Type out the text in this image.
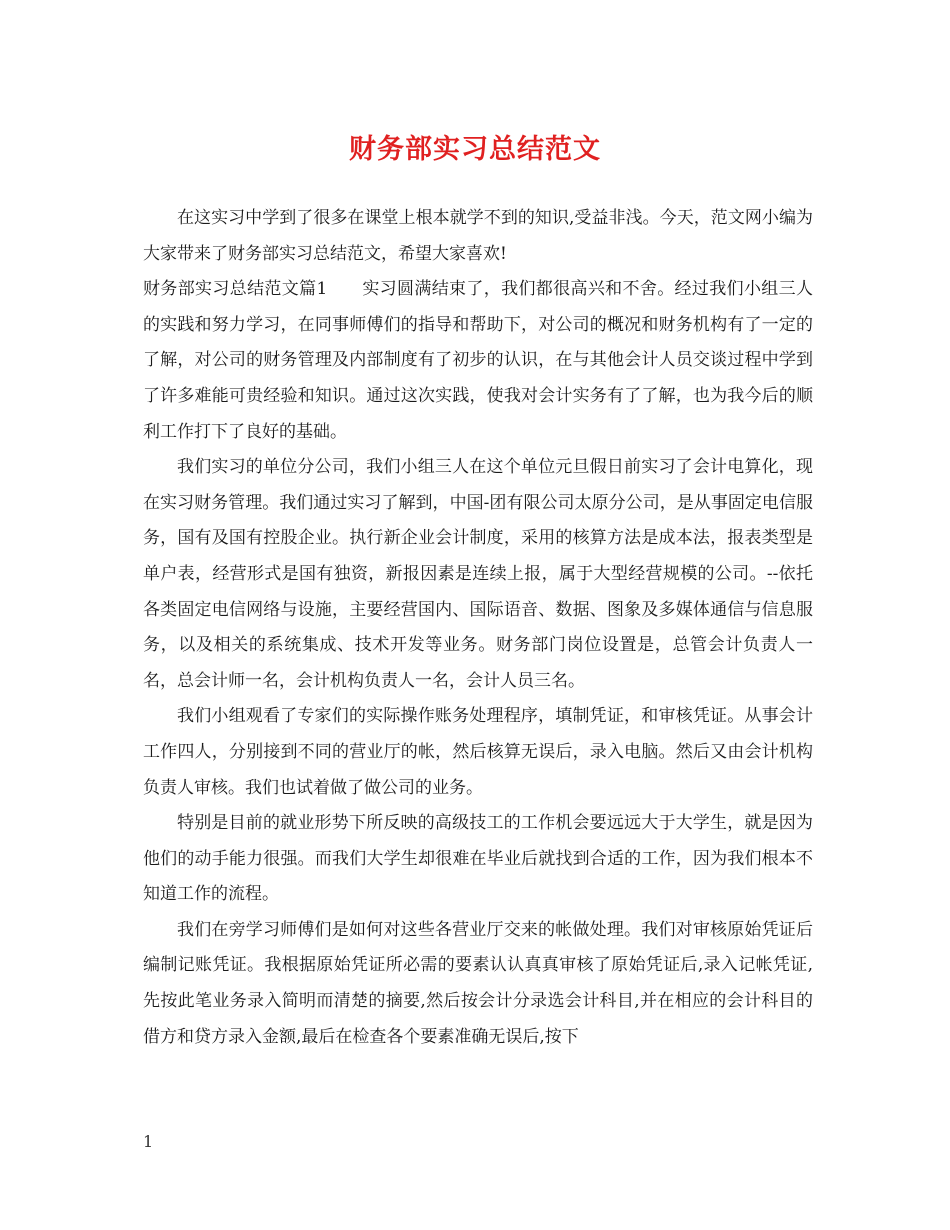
财务部实习总结范文

在这实习中学到了很多在课堂上根本就学不到的知识,受益非浅。今天，范文网小编为大家带来了财务部实习总结范文，希望大家喜欢!

财务部实习总结范文篇1　　实习圆满结束了，我们都很高兴和不舍。经过我们小组三人的实践和努力学习，在同事师傅们的指导和帮助下，对公司的概况和财务机构有了一定的了解，对公司的财务管理及内部制度有了初步的认识，在与其他会计人员交谈过程中学到了许多难能可贵经验和知识。通过这次实践，使我对会计实务有了了解，也为我今后的顺利工作打下了良好的基础。

我们实习的单位分公司，我们小组三人在这个单位元旦假日前实习了会计电算化，现在实习财务管理。我们通过实习了解到，中国-团有限公司太原分公司，是从事固定电信服务，国有及国有控股企业。执行新企业会计制度，采用的核算方法是成本法，报表类型是单户表，经营形式是国有独资，新报因素是连续上报，属于大型经营规模的公司。--依托各类固定电信网络与设施，主要经营国内、国际语音、数据、图象及多媒体通信与信息服务，以及相关的系统集成、技术开发等业务。财务部门岗位设置是，总管会计负责人一名，总会计师一名，会计机构负责人一名，会计人员三名。

我们小组观看了专家们的实际操作账务处理程序，填制凭证，和审核凭证。从事会计工作四人，分别接到不同的营业厅的帐，然后核算无误后，录入电脑。然后又由会计机构负责人审核。我们也试着做了做公司的业务。

特别是目前的就业形势下所反映的高级技工的工作机会要远远大于大学生，就是因为他们的动手能力很强。而我们大学生却很难在毕业后就找到合适的工作，因为我们根本不知道工作的流程。

我们在旁学习师傅们是如何对这些各营业厅交来的帐做处理。我们对审核原始凭证后编制记账凭证。我根据原始凭证所必需的要素认认真真审核了原始凭证后,录入记帐凭证,先按此笔业务录入简明而清楚的摘要,然后按会计分录选会计科目,并在相应的会计科目的借方和贷方录入金额,最后在检查各个要素准确无误后,按下

1
